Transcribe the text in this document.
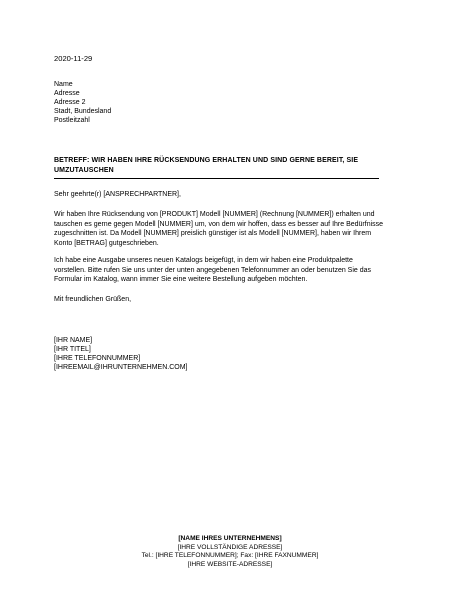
2020-11-29
Name
Adresse
Adresse 2
Stadt, Bundesland
Postleitzahl
BETREFF: WIR HABEN IHRE RÜCKSENDUNG ERHALTEN UND SIND GERNE BEREIT, SIE UMZUTAUSCHEN
Sehr geehrte(r) [ANSPRECHPARTNER],
Wir haben Ihre Rücksendung von [PRODUKT] Modell [NUMMER] (Rechnung [NUMMER]) erhalten und tauschen es gerne gegen Modell [NUMMER] um, von dem wir hoffen, dass es besser auf Ihre Bedürfnisse zugeschnitten ist. Da Modell [NUMMER] preislich günstiger ist als Modell [NUMMER], haben wir Ihrem Konto [BETRAG] gutgeschrieben.
Ich habe eine Ausgabe unseres neuen Katalogs beigefügt, in dem wir haben eine Produktpalette vorstellen. Bitte rufen Sie uns unter der unten angegebenen Telefonnummer an oder benutzen Sie das Formular im Katalog, wann immer Sie eine weitere Bestellung aufgeben möchten.
Mit freundlichen Grüßen,
[IHR NAME]
[IHR TITEL]
[IHRE TELEFONNUMMER]
[IHREEMAIL@IHRUNTERNEHMEN.COM]
[NAME IHRES UNTERNEHMENS]
[IHRE VOLLSTÄNDIGE ADRESSE]
Tel.: [IHRE TELEFONNUMMER]; Fax: [IHRE FAXNUMMER]
[IHRE WEBSITE-ADRESSE]
